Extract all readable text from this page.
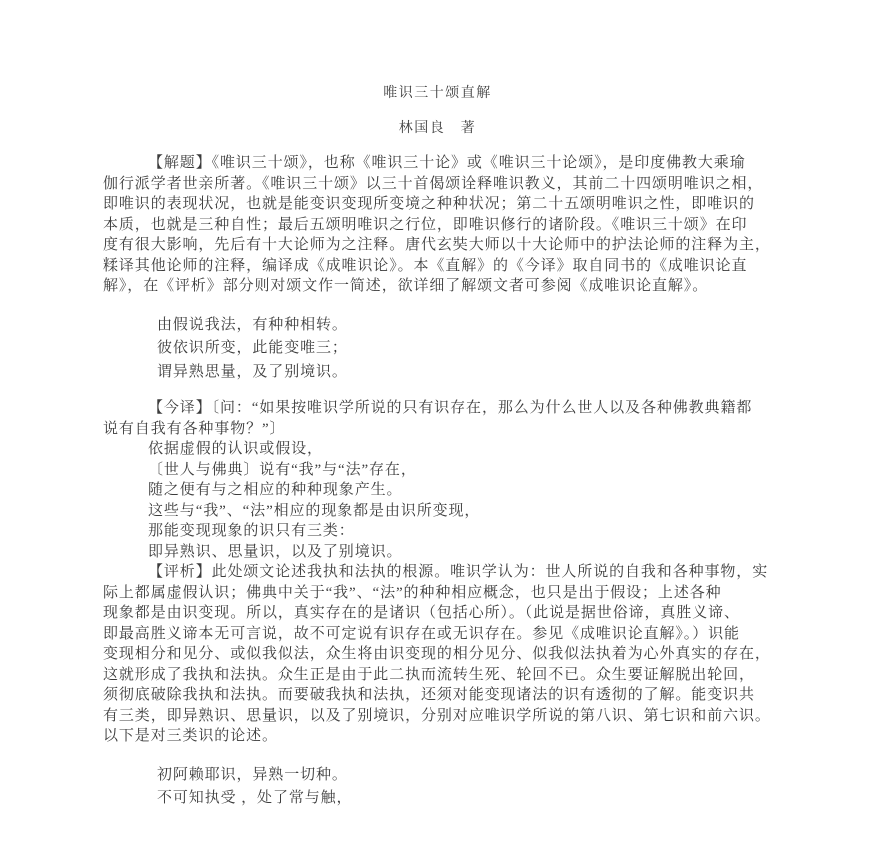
唯识三十颂直解
林国良　著
【解题】《唯识三十颂》，也称《唯识三十论》或《唯识三十论颂》，是印度佛教大乘瑜
伽行派学者世亲所著。《唯识三十颂》以三十首偈颂诠释唯识教义，其前二十四颂明唯识之相，
即唯识的表现状况，也就是能变识变现所变境之种种状况；第二十五颂明唯识之性，即唯识的
本质，也就是三种自性；最后五颂明唯识之行位，即唯识修行的诸阶段。《唯识三十颂》在印
度有很大影响，先后有十大论师为之注释。唐代玄奘大师以十大论师中的护法论师的注释为主，
糅译其他论师的注释，编译成《成唯识论》。本《直解》的《今译》取自同书的《成唯识论直
解》，在《评析》部分则对颂文作一简述，欲详细了解颂文者可参阅《成唯识论直解》。
由假说我法，有种种相转。
彼依识所变，此能变唯三；
谓异熟思量，及了别境识。
【今译】〔问：“如果按唯识学所说的只有识存在，那么为什么世人以及各种佛教典籍都
说有自我有各种事物？”〕
依据虚假的认识或假设，
〔世人与佛典〕说有“我”与“法”存在，
随之便有与之相应的种种现象产生。
这些与“我”、“法”相应的现象都是由识所变现，
那能变现现象的识只有三类：
即异熟识、思量识，以及了别境识。
【评析】此处颂文论述我执和法执的根源。唯识学认为：世人所说的自我和各种事物，实
际上都属虚假认识；佛典中关于“我”、“法”的种种相应概念，也只是出于假设；上述各种
现象都是由识变现。所以，真实存在的是诸识（包括心所）。（此说是据世俗谛，真胜义谛、
即最高胜义谛本无可言说，故不可定说有识存在或无识存在。参见《成唯识论直解》。）识能
变现相分和见分、或似我似法，众生将由识变现的相分见分、似我似法执着为心外真实的存在，
这就形成了我执和法执。众生正是由于此二执而流转生死、轮回不已。众生要证解脱出轮回，
须彻底破除我执和法执。而要破我执和法执，还须对能变现诸法的识有透彻的了解。能变识共
有三类，即异熟识、思量识，以及了别境识，分别对应唯识学所说的第八识、第七识和前六识。
以下是对三类识的论述。
初阿赖耶识，异熟一切种。
不可知执受 ，处了常与触，
